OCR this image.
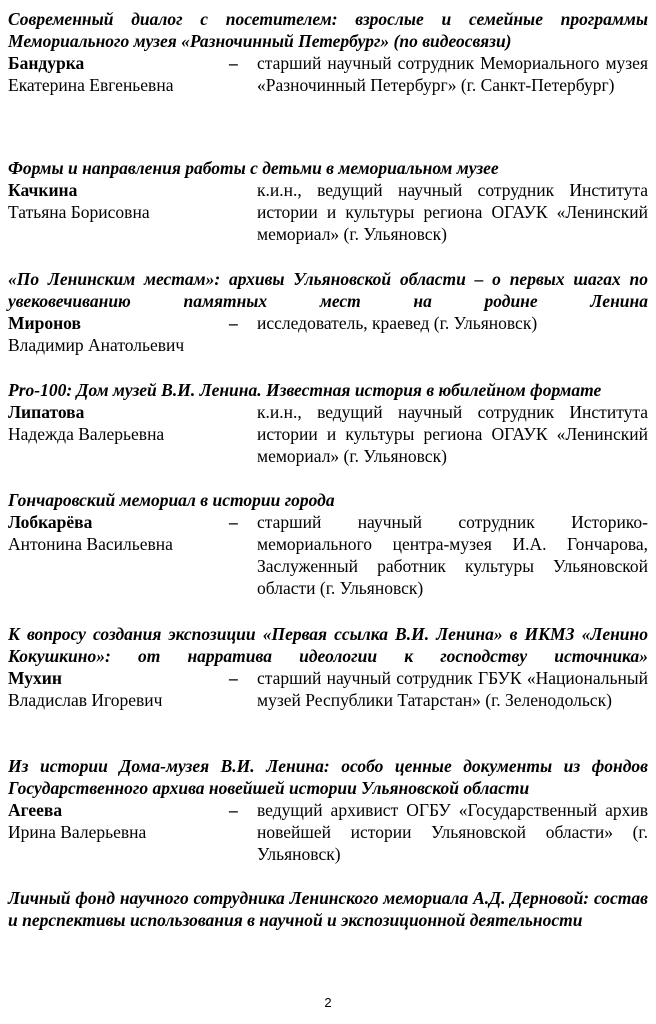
Современный диалог с посетителем: взрослые и семейные программы Мемориального музея «Разночинный Петербург» (по видеосвязи)

Бандурка
Екатерина Евгеньевна
– старший научный сотрудник Мемориального музея «Разночинный Петербург» (г. Санкт-Петербург)

Формы и направления работы с детьми в мемориальном музее

Качкина
Татьяна Борисовна
к.и.н., ведущий научный сотрудник Института истории и культуры региона ОГАУК «Ленинский мемориал» (г. Ульяновск)

«По Ленинским местам»: архивы Ульяновской области – о первых шагах по увековечиванию памятных мест на родине Ленина

Миронов
Владимир Анатольевич
– исследователь, краевед (г. Ульяновск)

Pro-100: Дом музей В.И. Ленина. Известная история в юбилейном формате

Липатова
Надежда Валерьевна
к.и.н., ведущий научный сотрудник Института истории и культуры региона ОГАУК «Ленинский мемориал» (г. Ульяновск)

Гончаровский мемориал в истории города

Лобкарёва
Антонина Васильевна
– старший научный сотрудник Историко-мемориального центра-музея И.А. Гончарова, Заслуженный работник культуры Ульяновской области (г. Ульяновск)

К вопросу создания экспозиции «Первая ссылка В.И. Ленина» в ИКМЗ «Ленино Кокушкино»: от нарратива идеологии к господству источника»

Мухин
Владислав Игоревич
– старший научный сотрудник ГБУК «Национальный музей Республики Татарстан» (г. Зеленодольск)

Из истории Дома-музея В.И. Ленина: особо ценные документы из фондов Государственного архива новейшей истории Ульяновской области

Агеева
Ирина Валерьевна
– ведущий архивист ОГБУ «Государственный архив новейшей истории Ульяновской области» (г. Ульяновск)

Личный фонд научного сотрудника Ленинского мемориала А.Д. Дерновой: состав и перспективы использования в научной и экспозиционной деятельности

2
